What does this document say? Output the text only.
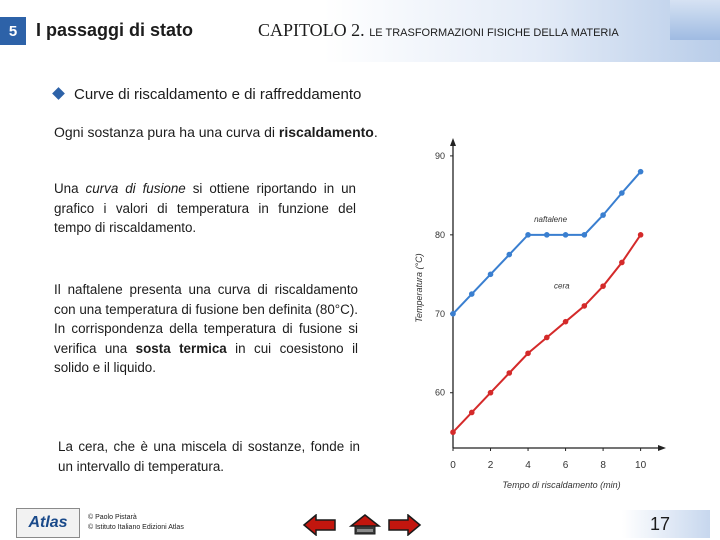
5	I passaggi di stato	CAPITOLO 2. LE TRASFORMAZIONI FISICHE DELLA MATERIA
Curve di riscaldamento e di raffreddamento
Ogni sostanza pura ha una curva di riscaldamento.
Una curva di fusione si ottiene riportando in un grafico i valori di temperatura in funzione del tempo di riscaldamento.
Il naftalene presenta una curva di riscaldamento con una temperatura di fusione ben definita (80°C). In corrispondenza della temperatura di fusione si verifica una sosta termica in cui coesistono il solido e il liquido.
La cera, che è una miscela di sostanze, fonde in un intervallo di temperatura.
60
70
80
90
0	2	4	6	8	10
Tempo di riscaldamento (min)
Temperatura (°C)
naftalene
cera
Atlas	© Paolo Pistarà
© Istituto Italiano Edizioni Atlas	17
